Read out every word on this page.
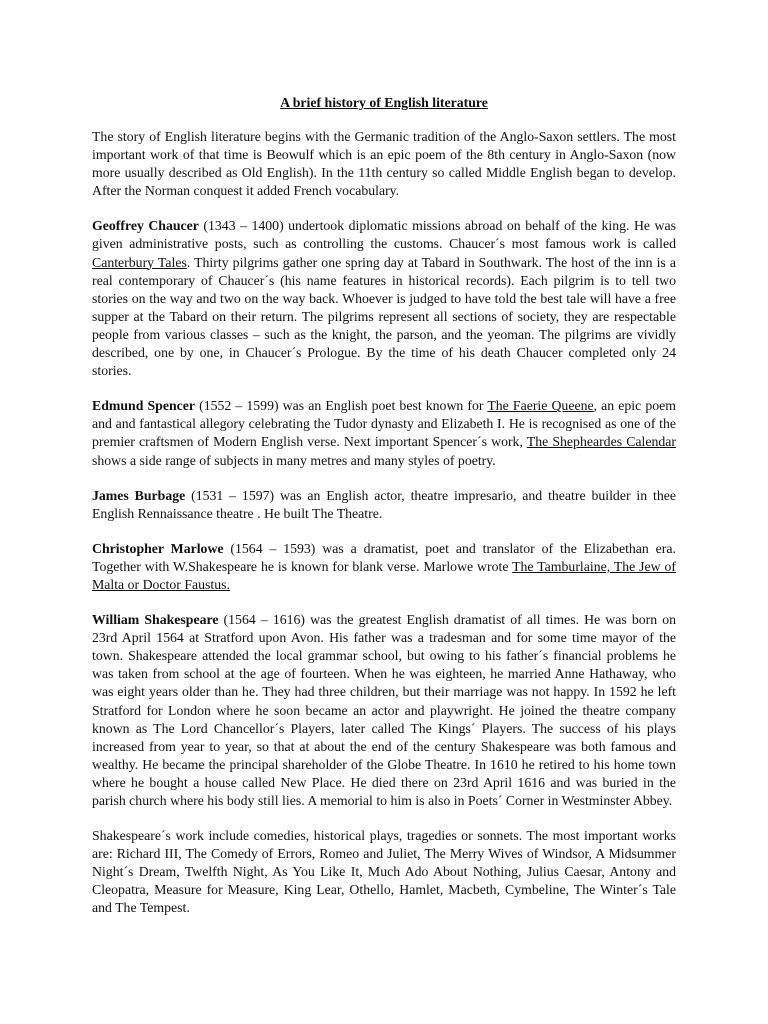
A brief history of English literature

The story of English literature begins with the Germanic tradition of the Anglo-Saxon settlers. The most important work of that time is Beowulf which is an epic poem of the 8th century in Anglo-Saxon (now more usually described as Old English). In the 11th century so called Middle English began to develop. After the Norman conquest it added French vocabulary.

Geoffrey Chaucer (1343 – 1400) undertook diplomatic missions abroad on behalf of the king. He was given administrative posts, such as controlling the customs. Chaucer´s most famous work is called Canterbury Tales. Thirty pilgrims gather one spring day at Tabard in Southwark. The host of the inn is a real contemporary of Chaucer´s (his name features in historical records). Each pilgrim is to tell two stories on the way and two on the way back. Whoever is judged to have told the best tale will have a free supper at the Tabard on their return. The pilgrims represent all sections of society, they are respectable people from various classes – such as the knight, the parson, and the yeoman. The pilgrims are vividly described, one by one, in Chaucer´s Prologue. By the time of his death Chaucer completed only 24 stories.

Edmund Spencer (1552 – 1599) was an English poet best known for The Faerie Queene, an epic poem and and fantastical allegory celebrating the Tudor dynasty and Elizabeth I. He is recognised as one of the premier craftsmen of Modern English verse. Next important Spencer´s work, The Shepheardes Calendar shows a side range of subjects in many metres and many styles of poetry.

James Burbage (1531 – 1597) was an English actor, theatre impresario, and theatre builder in thee English Rennaissance theatre . He built The Theatre.

Christopher Marlowe (1564 – 1593) was a dramatist, poet and translator of the Elizabethan era. Together with W.Shakespeare he is known for blank verse. Marlowe wrote The Tamburlaine, The Jew of Malta or Doctor Faustus.

William Shakespeare (1564 – 1616) was the greatest English dramatist of all times. He was born on 23rd April 1564 at Stratford upon Avon. His father was a tradesman and for some time mayor of the town. Shakespeare attended the local grammar school, but owing to his father´s financial problems he was taken from school at the age of fourteen. When he was eighteen, he married Anne Hathaway, who was eight years older than he. They had three children, but their marriage was not happy. In 1592 he left Stratford for London where he soon became an actor and playwright. He joined the theatre company known as The Lord Chancellor´s Players, later called The Kings´ Players. The success of his plays increased from year to year, so that at about the end of the century Shakespeare was both famous and wealthy. He became the principal shareholder of the Globe Theatre. In 1610 he retired to his home town where he bought a house called New Place. He died there on 23rd April 1616 and was buried in the parish church where his body still lies. A memorial to him is also in Poets´ Corner in Westminster Abbey.

Shakespeare´s work include comedies, historical plays, tragedies or sonnets. The most important works are: Richard III, The Comedy of Errors, Romeo and Juliet, The Merry Wives of Windsor, A Midsummer Night´s Dream, Twelfth Night, As You Like It, Much Ado About Nothing, Julius Caesar, Antony and Cleopatra, Measure for Measure, King Lear, Othello, Hamlet, Macbeth, Cymbeline, The Winter´s Tale and The Tempest.
